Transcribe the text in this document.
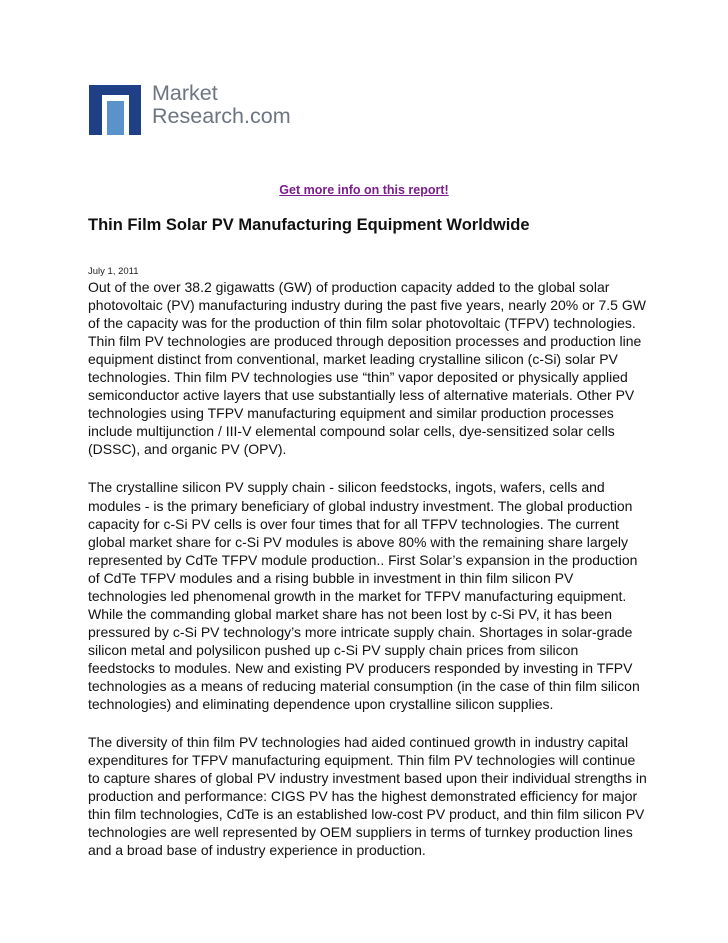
Market
Research.com
Get more info on this report!
Thin Film Solar PV Manufacturing Equipment Worldwide
July 1, 2011

Out of the over 38.2 gigawatts (GW) of production capacity added to the global solar photovoltaic (PV) manufacturing industry during the past five years, nearly 20% or 7.5 GW of the capacity was for the production of thin film solar photovoltaic (TFPV) technologies. Thin film PV technologies are produced through deposition processes and production line equipment distinct from conventional, market leading crystalline silicon (c-Si) solar PV technologies. Thin film PV technologies use “thin” vapor deposited or physically applied semiconductor active layers that use substantially less of alternative materials. Other PV technologies using TFPV manufacturing equipment and similar production processes include multijunction / III-V elemental compound solar cells, dye-sensitized solar cells (DSSC), and organic PV (OPV).

The crystalline silicon PV supply chain - silicon feedstocks, ingots, wafers, cells and modules - is the primary beneficiary of global industry investment. The global production capacity for c-Si PV cells is over four times that for all TFPV technologies. The current global market share for c-Si PV modules is above 80% with the remaining share largely represented by CdTe TFPV module production.. First Solar’s expansion in the production of CdTe TFPV modules and a rising bubble in investment in thin film silicon PV technologies led phenomenal growth in the market for TFPV manufacturing equipment. While the commanding global market share has not been lost by c-Si PV, it has been pressured by c-Si PV technology’s more intricate supply chain. Shortages in solar-grade silicon metal and polysilicon pushed up c-Si PV supply chain prices from silicon feedstocks to modules. New and existing PV producers responded by investing in TFPV technologies as a means of reducing material consumption (in the case of thin film silicon technologies) and eliminating dependence upon crystalline silicon supplies.

The diversity of thin film PV technologies had aided continued growth in industry capital expenditures for TFPV manufacturing equipment. Thin film PV technologies will continue to capture shares of global PV industry investment based upon their individual strengths in production and performance: CIGS PV has the highest demonstrated efficiency for major thin film technologies, CdTe is an established low-cost PV product, and thin film silicon PV technologies are well represented by OEM suppliers in terms of turnkey production lines and a broad base of industry experience in production.
